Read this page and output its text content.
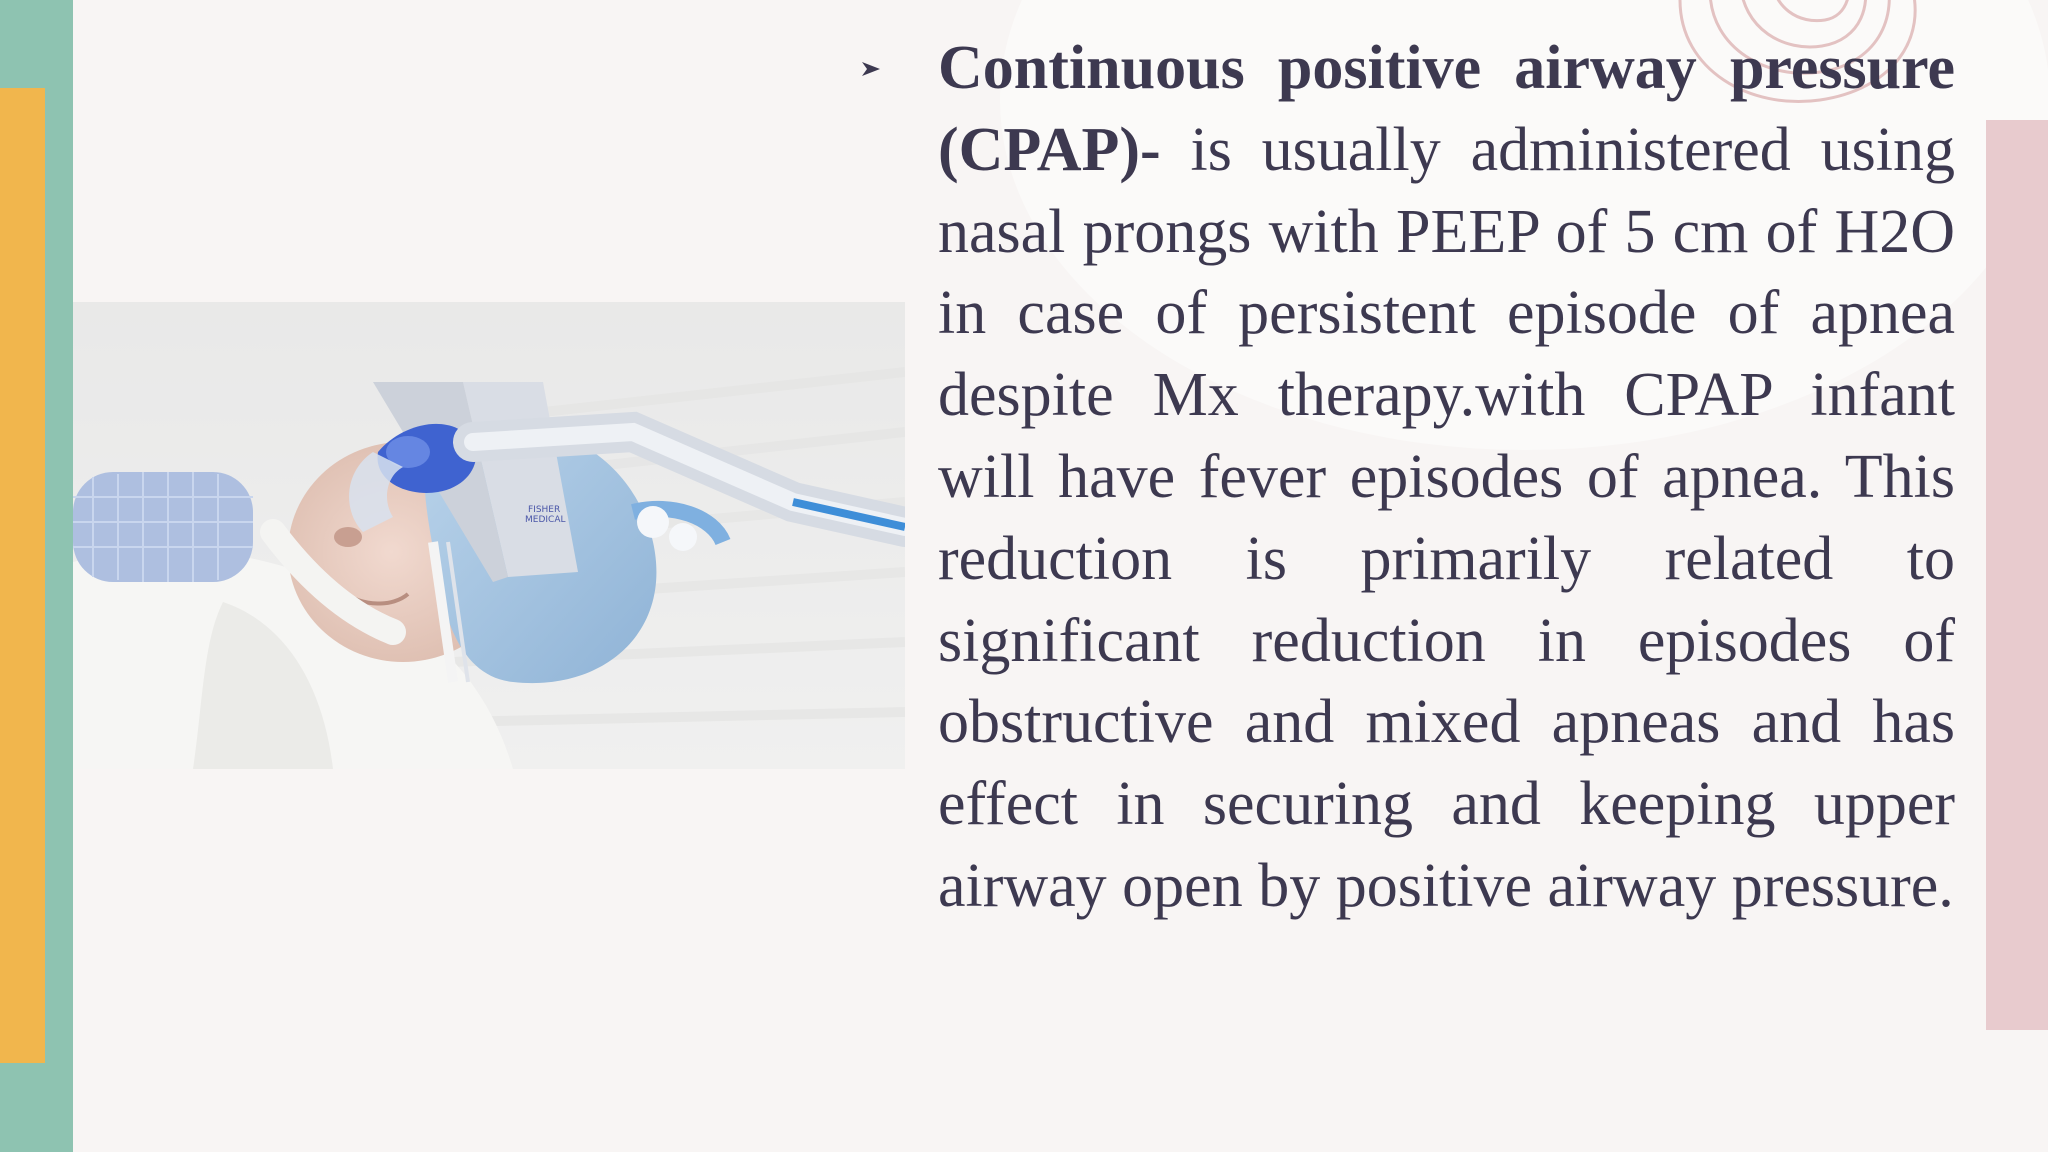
FISHER
MEDICAL

Continuous positive airway pressure (CPAP)- is usually administered using nasal prongs with PEEP of 5 cm of H2O in case of persistent episode of apnea despite Mx therapy.with CPAP infant will have fever episodes of apnea. This reduction is primarily related to significant reduction in episodes of obstructive and mixed apneas and has effect in securing and keeping upper airway open by positive airway pressure.
